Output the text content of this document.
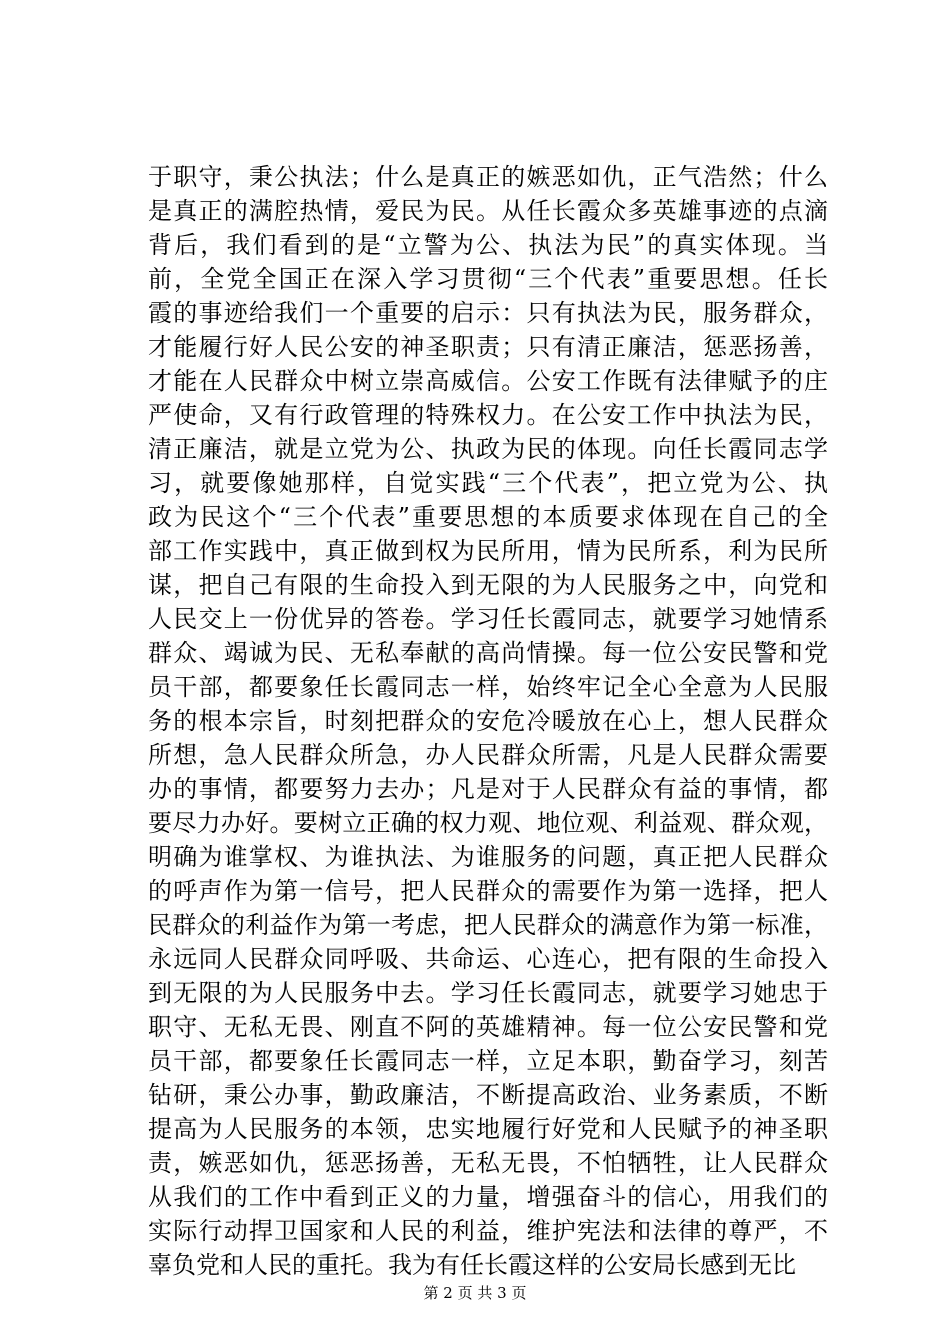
于职守，秉公执法；什么是真正的嫉恶如仇，正气浩然；什么
是真正的满腔热情，爱民为民。从任长霞众多英雄事迹的点滴
背后，我们看到的是“立警为公、执法为民”的真实体现。当
前，全党全国正在深入学习贯彻“三个代表”重要思想。任长
霞的事迹给我们一个重要的启示：只有执法为民，服务群众，
才能履行好人民公安的神圣职责；只有清正廉洁，惩恶扬善，
才能在人民群众中树立崇高威信。公安工作既有法律赋予的庄
严使命，又有行政管理的特殊权力。在公安工作中执法为民，
清正廉洁，就是立党为公、执政为民的体现。向任长霞同志学
习，就要像她那样，自觉实践“三个代表”，把立党为公、执
政为民这个“三个代表”重要思想的本质要求体现在自己的全
部工作实践中，真正做到权为民所用，情为民所系，利为民所
谋，把自己有限的生命投入到无限的为人民服务之中，向党和
人民交上一份优异的答卷。学习任长霞同志，就要学习她情系
群众、竭诚为民、无私奉献的高尚情操。每一位公安民警和党
员干部，都要象任长霞同志一样，始终牢记全心全意为人民服
务的根本宗旨，时刻把群众的安危冷暖放在心上，想人民群众
所想，急人民群众所急，办人民群众所需，凡是人民群众需要
办的事情，都要努力去办；凡是对于人民群众有益的事情，都
要尽力办好。要树立正确的权力观、地位观、利益观、群众观，
明确为谁掌权、为谁执法、为谁服务的问题，真正把人民群众
的呼声作为第一信号，把人民群众的需要作为第一选择，把人
民群众的利益作为第一考虑，把人民群众的满意作为第一标准，
永远同人民群众同呼吸、共命运、心连心，把有限的生命投入
到无限的为人民服务中去。学习任长霞同志，就要学习她忠于
职守、无私无畏、刚直不阿的英雄精神。每一位公安民警和党
员干部，都要象任长霞同志一样，立足本职，勤奋学习，刻苦
钻研，秉公办事，勤政廉洁，不断提高政治、业务素质，不断
提高为人民服务的本领，忠实地履行好党和人民赋予的神圣职
责，嫉恶如仇，惩恶扬善，无私无畏，不怕牺牲，让人民群众
从我们的工作中看到正义的力量，增强奋斗的信心，用我们的
实际行动捍卫国家和人民的利益，维护宪法和法律的尊严，不
辜负党和人民的重托。我为有任长霞这样的公安局长感到无比
第 2 页 共 3 页
